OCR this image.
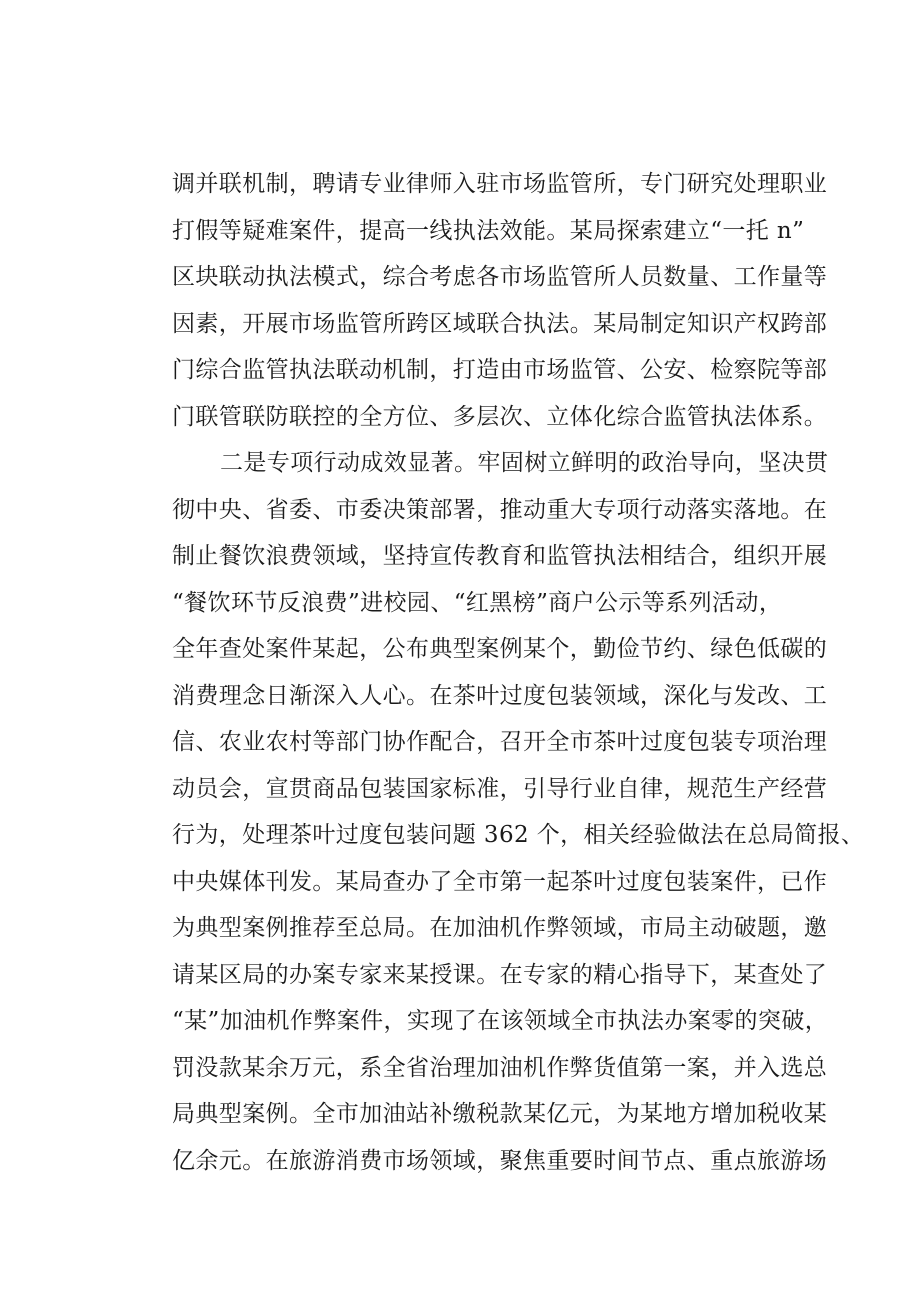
调并联机制，聘请专业律师入驻市场监管所，专门研究处理职业
打假等疑难案件，提高一线执法效能。某局探索建立“一托 n”
区块联动执法模式，综合考虑各市场监管所人员数量、工作量等
因素，开展市场监管所跨区域联合执法。某局制定知识产权跨部
门综合监管执法联动机制，打造由市场监管、公安、检察院等部
门联管联防联控的全方位、多层次、立体化综合监管执法体系。
二是专项行动成效显著。牢固树立鲜明的政治导向，坚决贯
彻中央、省委、市委决策部署，推动重大专项行动落实落地。在
制止餐饮浪费领域，坚持宣传教育和监管执法相结合，组织开展
“餐饮环节反浪费”进校园、“红黑榜”商户公示等系列活动，
全年查处案件某起，公布典型案例某个，勤俭节约、绿色低碳的
消费理念日渐深入人心。在茶叶过度包装领域，深化与发改、工
信、农业农村等部门协作配合，召开全市茶叶过度包装专项治理
动员会，宣贯商品包装国家标准，引导行业自律，规范生产经营
行为，处理茶叶过度包装问题 362 个，相关经验做法在总局简报、
中央媒体刊发。某局查办了全市第一起茶叶过度包装案件，已作
为典型案例推荐至总局。在加油机作弊领域，市局主动破题，邀
请某区局的办案专家来某授课。在专家的精心指导下，某查处了
“某”加油机作弊案件，实现了在该领域全市执法办案零的突破，
罚没款某余万元，系全省治理加油机作弊货值第一案，并入选总
局典型案例。全市加油站补缴税款某亿元，为某地方增加税收某
亿余元。在旅游消费市场领域，聚焦重要时间节点、重点旅游场
